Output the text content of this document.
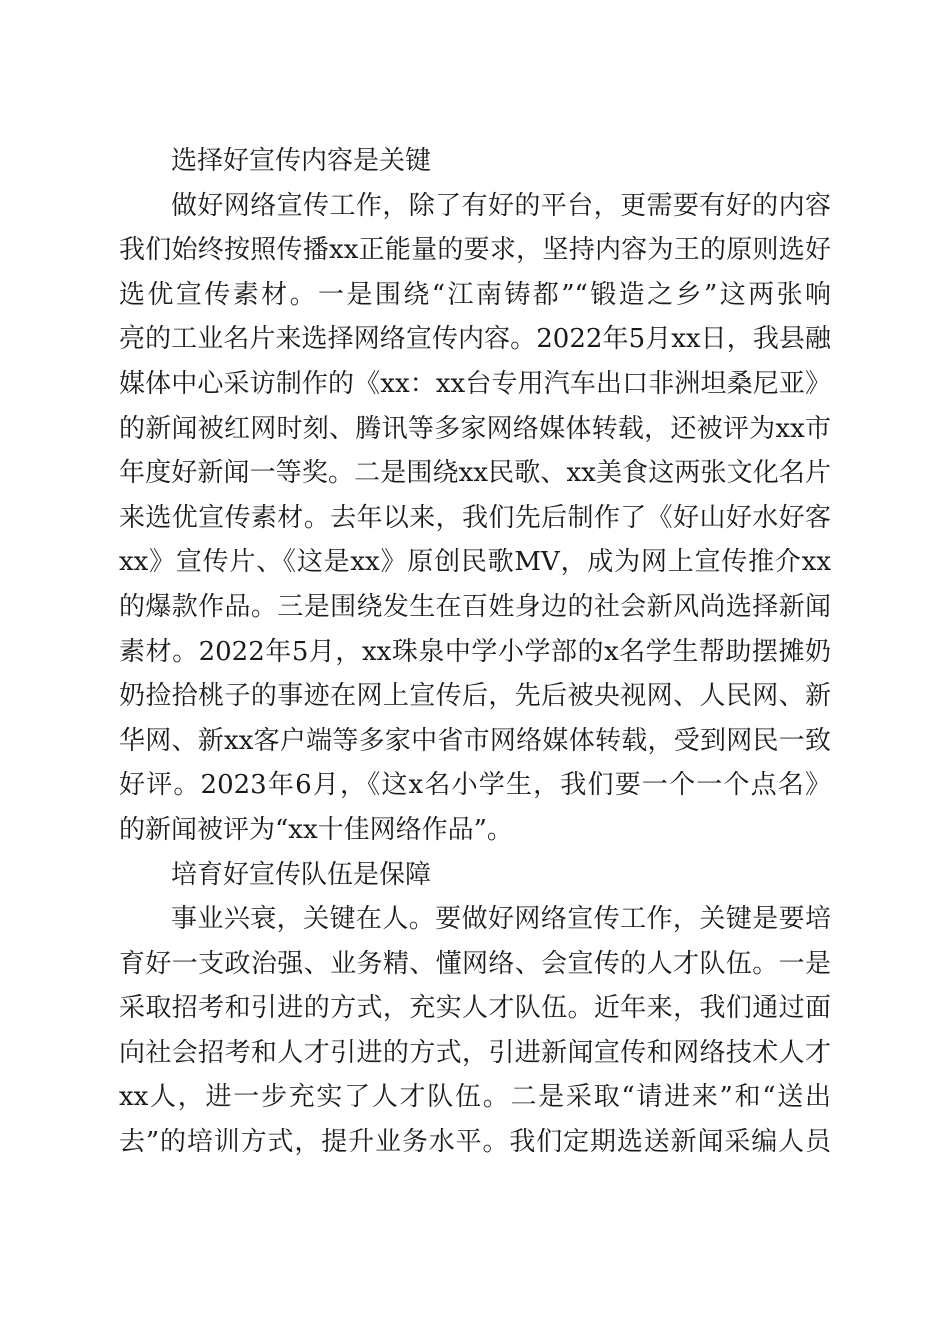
选择好宣传内容是关键
做好网络宣传工作，除了有好的平台，更需要有好的内容
我们始终按照传播xx正能量的要求，坚持内容为王的原则选好
选优宣传素材。一是围绕“江南铸都”“锻造之乡”这两张响
亮的工业名片来选择网络宣传内容。2022年5月xx日，我县融
媒体中心采访制作的《xx：xx台专用汽车出口非洲坦桑尼亚》
的新闻被红网时刻、腾讯等多家网络媒体转载，还被评为xx市
年度好新闻一等奖。二是围绕xx民歌、xx美食这两张文化名片
来选优宣传素材。去年以来，我们先后制作了《好山好水好客
xx》宣传片、《这是xx》原创民歌MV，成为网上宣传推介xx
的爆款作品。三是围绕发生在百姓身边的社会新风尚选择新闻
素材。2022年5月，xx珠泉中学小学部的x名学生帮助摆摊奶
奶捡拾桃子的事迹在网上宣传后，先后被央视网、人民网、新
华网、新xx客户端等多家中省市网络媒体转载，受到网民一致
好评。2023年6月，《这x名小学生，我们要一个一个点名》
的新闻被评为“xx十佳网络作品”。
培育好宣传队伍是保障
事业兴衰，关键在人。要做好网络宣传工作，关键是要培
育好一支政治强、业务精、懂网络、会宣传的人才队伍。一是
采取招考和引进的方式，充实人才队伍。近年来，我们通过面
向社会招考和人才引进的方式，引进新闻宣传和网络技术人才
xx人，进一步充实了人才队伍。二是采取“请进来”和“送出
去”的培训方式，提升业务水平。我们定期选送新闻采编人员
